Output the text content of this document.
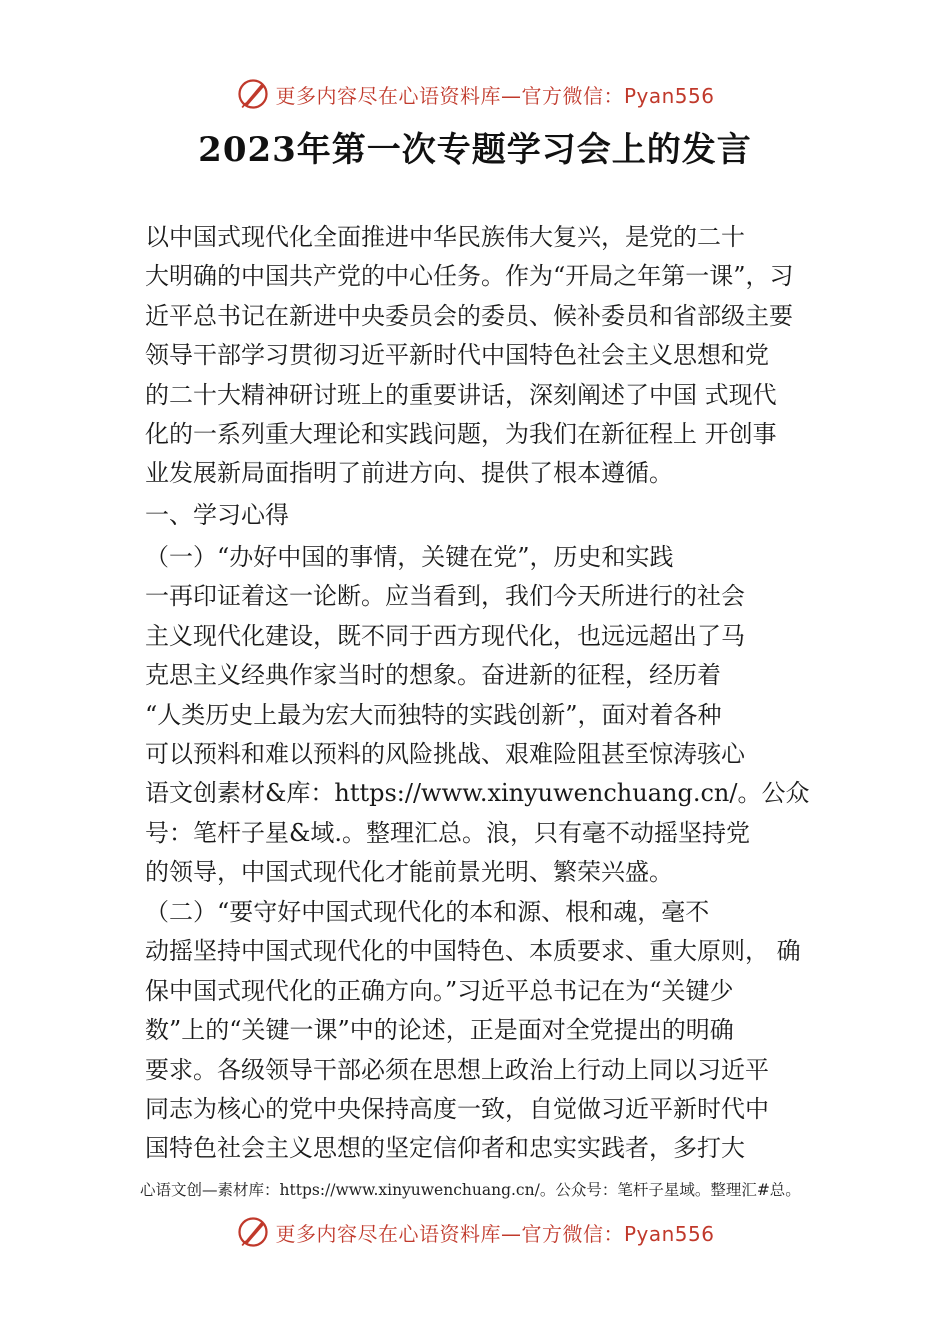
更多内容尽在心语资料库—官方微信：Pyan556
2023年第一次专题学习会上的发言
以中国式现代化全面推进中华民族伟大复兴，是党的二十
大明确的中国共产党的中心任务。作为“开局之年第一课”，习
近平总书记在新进中央委员会的委员、候补委员和省部级主要
领导干部学习贯彻习近平新时代中国特色社会主义思想和党
的二十大精神研讨班上的重要讲话，深刻阐述了中国 式现代
化的一系列重大理论和实践问题，为我们在新征程上 开创事
业发展新局面指明了前进方向、提供了根本遵循。
一、学习心得
（一）“办好中国的事情，关键在党”，历史和实践
一再印证着这一论断。应当看到，我们今天所进行的社会
主义现代化建设，既不同于西方现代化，也远远超出了马
克思主义经典作家当时的想象。奋进新的征程，经历着
“人类历史上最为宏大而独特的实践创新”，面对着各种
可以预料和难以预料的风险挑战、艰难险阻甚至惊涛骇心
语文创素材&库：https://www.xinyuwenchuang.cn/。公众
号：笔杆子星&域.。整理汇总。浪，只有毫不动摇坚持党
的领导，中国式现代化才能前景光明、繁荣兴盛。
（二）“要守好中国式现代化的本和源、根和魂，毫不
动摇坚持中国式现代化的中国特色、本质要求、重大原则， 确
保中国式现代化的正确方向。”习近平总书记在为“关键少
数”上的“关键一课”中的论述，正是面对全党提出的明确
要求。各级领导干部必须在思想上政治上行动上同以习近平
同志为核心的党中央保持高度一致，自觉做习近平新时代中
国特色社会主义思想的坚定信仰者和忠实实践者，多打大
心语文创—素材库：https://www.xinyuwenchuang.cn/。公众号：笔杆子星域。整理汇#总。
更多内容尽在心语资料库—官方微信：Pyan556
